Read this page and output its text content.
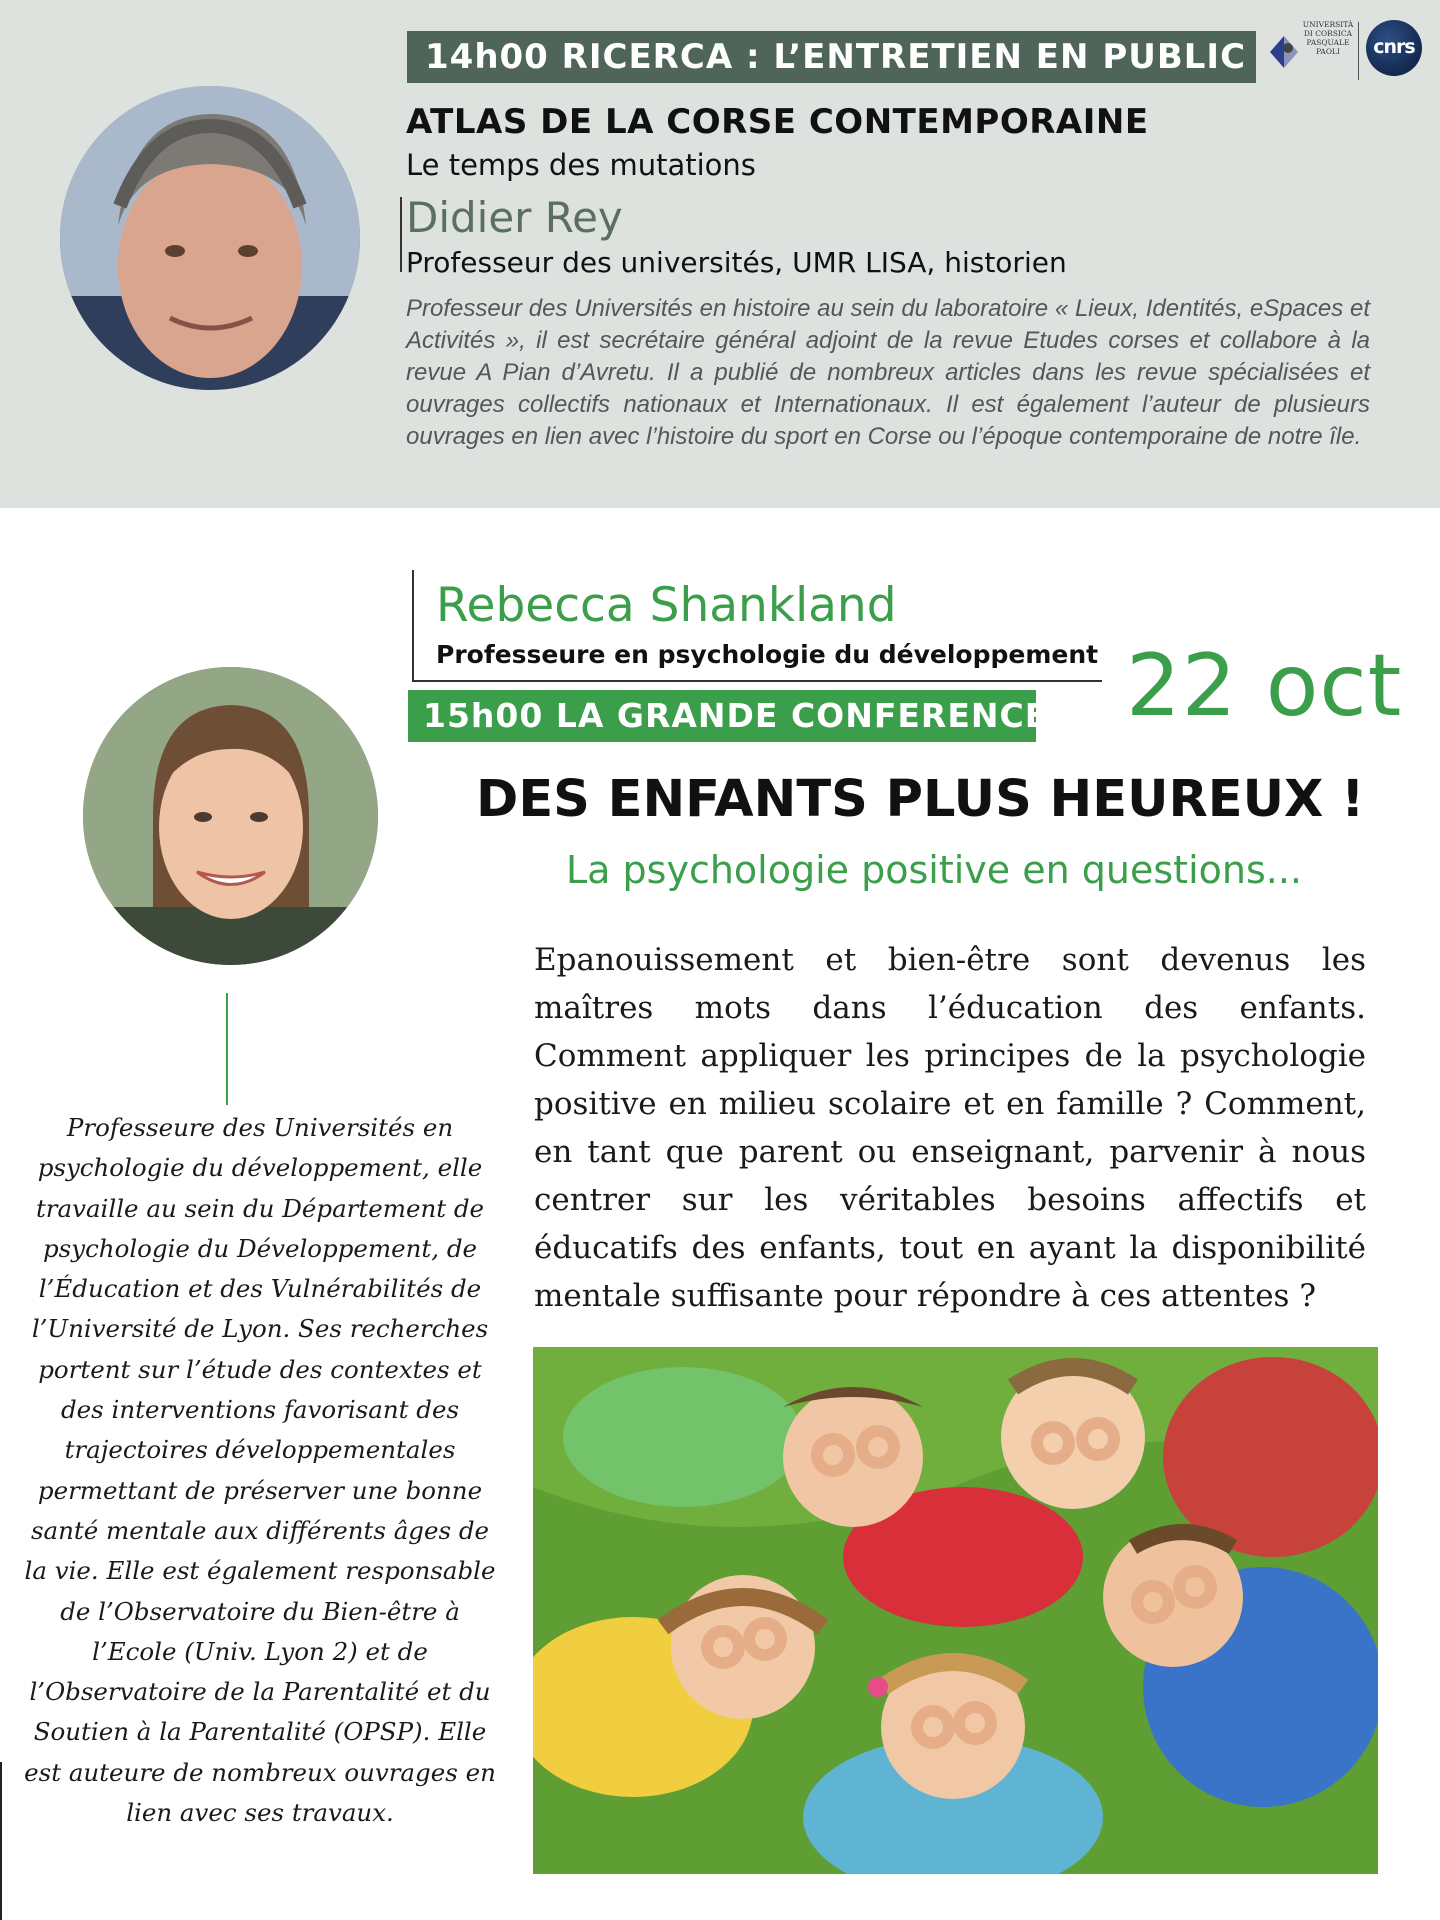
14h00 RICERCA : L’ENTRETIEN EN PUBLIC
UNIVERSITÀ DI CORSICA PASQUALE PAOLI	cnrs
ATLAS DE LA CORSE CONTEMPORAINE
Le temps des mutations
Didier Rey
Professeur des universités, UMR LISA, historien
Professeur des Universités en histoire au sein du laboratoire « Lieux, Identités, eSpaces et Activités », il est secrétaire général adjoint de la revue Etudes corses et collabore à la revue A Pian d’Avretu. Il a publié de nombreux articles dans les revue spécialisées et ouvrages collectifs nationaux et Internationaux. Il est également l’auteur de plusieurs ouvrages en lien avec l’histoire du sport en Corse ou l’époque contemporaine de notre île.
Rebecca Shankland
Professeure en psychologie du développement 22 oct
15h00 LA GRANDE CONFERENCE
DES ENFANTS PLUS HEUREUX !
La psychologie positive en questions...
Epanouissement et bien-être sont devenus les maîtres mots dans l’éducation des enfants. Comment appliquer les principes de la psychologie positive en milieu scolaire et en famille ? Comment, en tant que parent ou enseignant, parvenir à nous centrer sur les véritables besoins affectifs et éducatifs des enfants, tout en ayant la disponibilité mentale suffisante pour répondre à ces attentes ?
Professeure des Universités en psychologie du développement, elle travaille au sein du Département de psychologie du Développement, de l’Éducation et des Vulnérabilités de l’Université de Lyon. Ses recherches portent sur l’étude des contextes et des interventions favorisant des trajectoires développementales permettant de préserver une bonne santé mentale aux différents âges de la vie. Elle est également responsable de l’Observatoire du Bien-être à l’Ecole (Univ. Lyon 2) et de l’Observatoire de la Parentalité et du Soutien à la Parentalité (OPSP). Elle est auteure de nombreux ouvrages en lien avec ses travaux.
